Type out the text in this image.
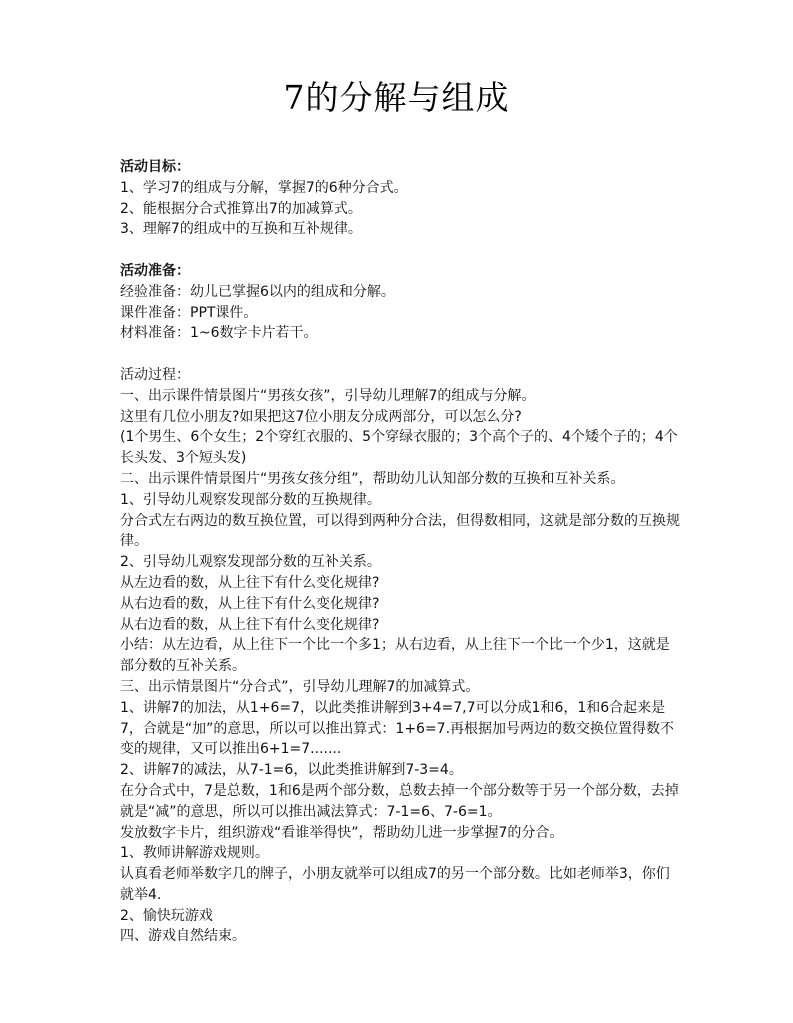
7的分解与组成
活动目标：
1、学习7的组成与分解，掌握7的6种分合式。
2、能根据分合式推算出7的加减算式。
3、理解7的组成中的互换和互补规律。
活动准备：
经验准备：幼儿已掌握6以内的组成和分解。
课件准备：PPT课件。
材料准备：1~6数字卡片若干。
活动过程：
一、出示课件情景图片“男孩女孩”，引导幼儿理解7的组成与分解。
这里有几位小朋友?如果把这7位小朋友分成两部分，可以怎么分?
(1个男生、6个女生；2个穿红衣服的、5个穿绿衣服的；3个高个子的、4个矮个子的；4个长头发、3个短头发)
二、出示课件情景图片“男孩女孩分组”，帮助幼儿认知部分数的互换和互补关系。
1、引导幼儿观察发现部分数的互换规律。
分合式左右两边的数互换位置，可以得到两种分合法，但得数相同，这就是部分数的互换规律。
2、引导幼儿观察发现部分数的互补关系。
从左边看的数，从上往下有什么变化规律?
从右边看的数，从上往下有什么变化规律?
从右边看的数，从上往下有什么变化规律?
小结：从左边看，从上往下一个比一个多1；从右边看，从上往下一个比一个少1，这就是部分数的互补关系。
三、出示情景图片“分合式”，引导幼儿理解7的加减算式。
1、讲解7的加法，从1+6=7，以此类推讲解到3+4=7,7可以分成1和6，1和6合起来是7，合就是“加”的意思，所以可以推出算式：1+6=7.再根据加号两边的数交换位置得数不变的规律，又可以推出6+1=7.......
2、讲解7的减法，从7-1=6，以此类推讲解到7-3=4。
在分合式中，7是总数，1和6是两个部分数，总数去掉一个部分数等于另一个部分数，去掉就是“减”的意思，所以可以推出减法算式：7-1=6、7-6=1。
发放数字卡片，组织游戏“看谁举得快”，帮助幼儿进一步掌握7的分合。
1、教师讲解游戏规则。
认真看老师举数字几的牌子，小朋友就举可以组成7的另一个部分数。比如老师举3，你们就举4.
2、愉快玩游戏
四、游戏自然结束。
